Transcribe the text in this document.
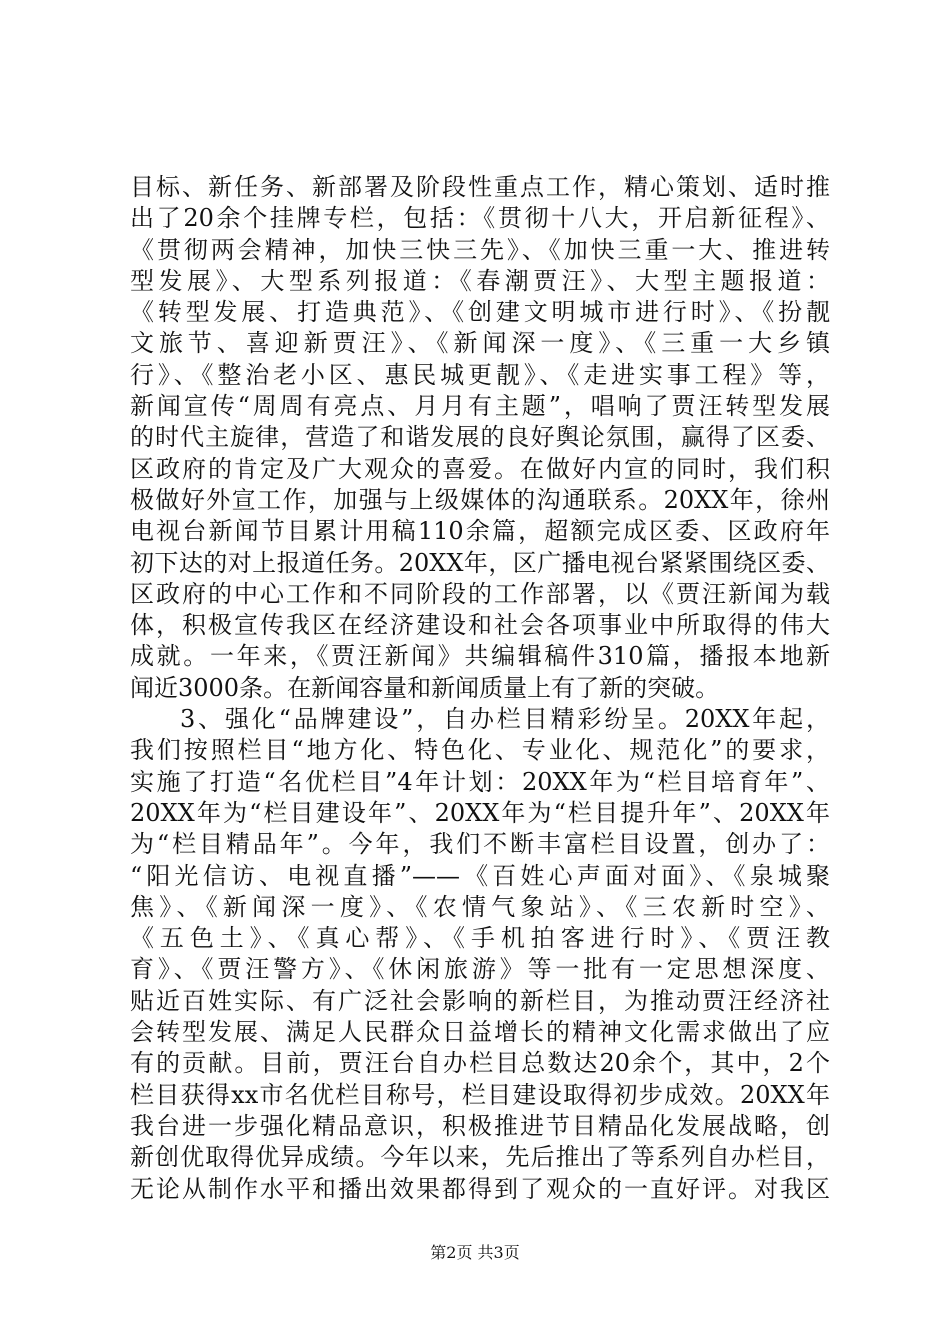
目标、新任务、新部署及阶段性重点工作，精心策划、适时推
出了20余个挂牌专栏，包括：《贯彻十八大，开启新征程》、
《贯彻两会精神，加快三快三先》、《加快三重一大、推进转
型发展》、大型系列报道：《春潮贾汪》、大型主题报道：
《转型发展、打造典范》、《创建文明城市进行时》、《扮靓
文旅节、喜迎新贾汪》、《新闻深一度》、《三重一大乡镇
行》、《整治老小区、惠民城更靓》、《走进实事工程》等，
新闻宣传“周周有亮点、月月有主题”，唱响了贾汪转型发展
的时代主旋律，营造了和谐发展的良好舆论氛围，赢得了区委、
区政府的肯定及广大观众的喜爱。在做好内宣的同时，我们积
极做好外宣工作，加强与上级媒体的沟通联系。20XX年，徐州
电视台新闻节目累计用稿110余篇，超额完成区委、区政府年
初下达的对上报道任务。20XX年，区广播电视台紧紧围绕区委、
区政府的中心工作和不同阶段的工作部署，以《贾汪新闻为载
体，积极宣传我区在经济建设和社会各项事业中所取得的伟大
成就。一年来，《贾汪新闻》共编辑稿件310篇，播报本地新
闻近3000条。在新闻容量和新闻质量上有了新的突破。
3、强化“品牌建设”，自办栏目精彩纷呈。20XX年起，
我们按照栏目“地方化、特色化、专业化、规范化”的要求，
实施了打造“名优栏目”4年计划：20XX年为“栏目培育年”、
20XX年为“栏目建设年”、20XX年为“栏目提升年”、20XX年
为“栏目精品年”。今年，我们不断丰富栏目设置，创办了：
“阳光信访、电视直播”——《百姓心声面对面》、《泉城聚
焦》、《新闻深一度》、《农情气象站》、《三农新时空》、
《五色土》、《真心帮》、《手机拍客进行时》、《贾汪教
育》、《贾汪警方》、《休闲旅游》等一批有一定思想深度、
贴近百姓实际、有广泛社会影响的新栏目，为推动贾汪经济社
会转型发展、满足人民群众日益增长的精神文化需求做出了应
有的贡献。目前，贾汪台自办栏目总数达20余个，其中，2个
栏目获得xx市名优栏目称号，栏目建设取得初步成效。20XX年
我台进一步强化精品意识，积极推进节目精品化发展战略，创
新创优取得优异成绩。今年以来，先后推出了等系列自办栏目，
无论从制作水平和播出效果都得到了观众的一直好评。对我区
第2页 共3页
